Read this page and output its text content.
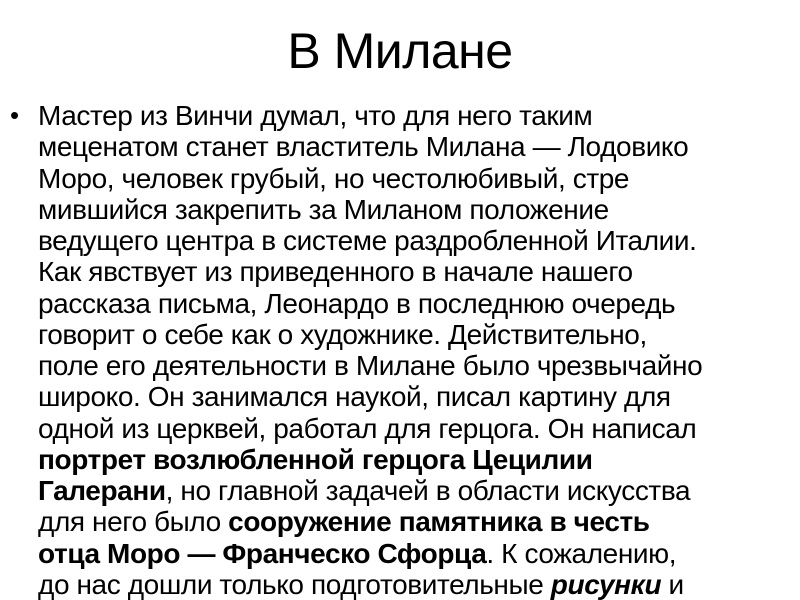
В Милане
• Мастер из Винчи думал, что для него таким
меценатом станет властитель Милана — Лодовико
Моро, человек грубый, но честолюбивый, стре
мившийся закрепить за Миланом положение
ведущего центра в системе раздробленной Италии.
Как явствует из приведенного в начале нашего
рассказа письма, Леонардо в последнюю очередь
говорит о себе как о художнике. Действительно,
поле его деятельности в Милане было чрезвычайно
широко. Он занимался наукой, писал картину для
одной из церквей, работал для герцога. Он написал
портрет возлюбленной герцога Цецилии
Галерани, но главной задачей в области искусства
для него было сооружение памятника в честь
отца Моро — Франческо Сфорца. К сожалению,
до нас дошли только подготовительные рисунки и
